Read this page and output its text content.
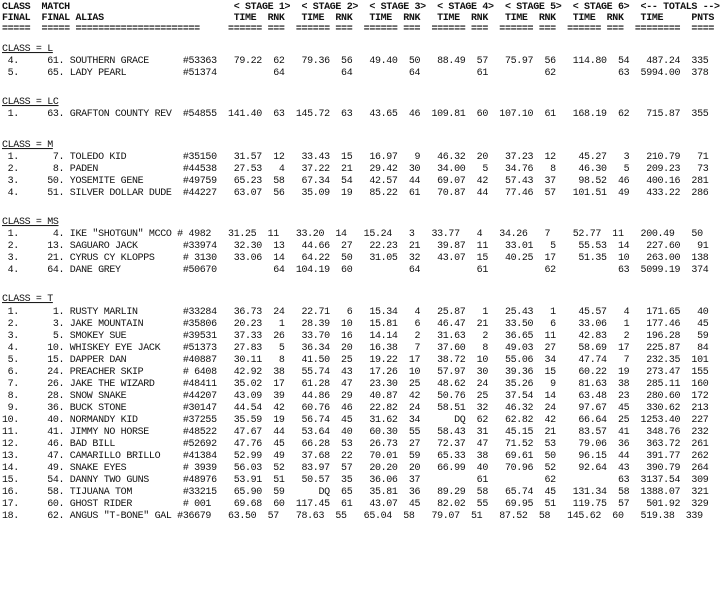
CLASS  MATCH                             < STAGE 1>  < STAGE 2>  < STAGE 3>  < STAGE 4>  < STAGE 5>  < STAGE 6>  <-- TOTALS -->
FINAL  FINAL ALIAS                       TIME  RNK   TIME  RNK   TIME  RNK   TIME  RNK   TIME  RNK   TIME  RNK   TIME     PNTS
=====  ===== ======================     ====== ===  ====== ===  ====== ===  ====== ===  ====== ===  ====== ===  ========  ====
CLASS = L
4.     61. SOUTHERN GRACE      #53363   79.22  62   79.36  56   49.40  50   88.49  57   75.97  56   114.80  54   487.24  335
5.     65. LADY PEARL          #51374          64          64          64          61          62           63  5994.00  378
CLASS = LC
1.     63. GRAFTON COUNTY REV  #54855  141.40  63  145.72  63   43.65  46  109.81  60  107.10  61   168.19  62   715.87  355
CLASS = M
1.      7. TOLEDO KID          #35150   31.57  12   33.43  15   16.97   9   46.32  20   37.23  12    45.27   3   210.79   71
2.      8. PADEN               #44538   27.53   4   37.22  21   29.42  30   34.00   5   34.76   8    46.30   5   209.23   73
3.     50. YOSEMITE GENE       #49759   65.23  58   67.34  54   42.57  44   69.07  42   57.43  37    98.52  46   400.16  281
4.     51. SILVER DOLLAR DUDE  #44227   63.07  56   35.09  19   85.22  61   70.87  44   77.46  57   101.51  49   433.22  286
CLASS = MS
1.      4. IKE "SHOTGUN" MCCO # 4982   31.25  11   33.20  14   15.24   3   33.77   4   34.26   7    52.77  11   200.49   50
2.     13. SAGUARO JACK        #33974   32.30  13   44.66  27   22.23  21   39.87  11   33.01   5    55.53  14   227.60   91
3.     21. CYRUS CY KLOPPS     # 3130   33.06  14   64.22  50   31.05  32   43.07  15   40.25  17    51.35  10   263.00  138
4.     64. DANE GREY           #50670          64  104.19  60          64          61          62           63  5099.19  374
CLASS = T
1.      1. RUSTY MARLIN        #33284   36.73  24   22.71   6   15.34   4   25.87   1   25.43   1    45.57   4   171.65   40
2.      3. JAKE MOUNTAIN       #35806   20.23   1   28.39  10   15.81   6   46.47  21   33.50   6    33.06   1   177.46   45
3.      5. SMOKEY SUE          #39531   37.33  26   33.70  16   14.14   2   31.63   2   36.65  11    42.83   2   196.28   59
4.     10. WHISKEY EYE JACK    #51373   27.83   5   36.34  20   16.38   7   37.60   8   49.03  27    58.69  17   225.87   84
5.     15. DAPPER DAN          #40887   30.11   8   41.50  25   19.22  17   38.72  10   55.06  34    47.74   7   232.35  101
6.     24. PREACHER SKIP       # 6408   42.92  38   55.74  43   17.26  10   57.97  30   39.36  15    60.22  19   273.47  155
7.     26. JAKE THE WIZARD     #48411   35.02  17   61.28  47   23.30  25   48.62  24   35.26   9    81.63  38   285.11  160
8.     28. SNOW SNAKE          #44207   43.09  39   44.86  29   40.87  42   50.76  25   37.54  14    63.48  23   280.60  172
9.     36. BUCK STONE          #30147   44.54  42   60.76  46   22.82  24   58.51  32   46.32  24    97.67  45   330.62  213
10.     40. NORMANDY KID        #37255   35.59  19   56.74  45   31.62  34      DQ  62   62.82  42    66.64  25  1253.40  227
11.     41. JIMMY NO HORSE      #48522   47.67  44   53.64  40   60.30  55   58.43  31   45.15  21    83.57  41   348.76  232
12.     46. BAD BILL            #52692   47.76  45   66.28  53   26.73  27   72.37  47   71.52  53    79.06  36   363.72  261
13.     47. CAMARILLO BRILLO    #41384   52.99  49   37.68  22   70.01  59   65.33  38   69.61  50    96.15  44   391.77  262
14.     49. SNAKE EYES          # 3939   56.03  52   83.97  57   20.20  20   66.99  40   70.96  52    92.64  43   390.79  264
15.     54. DANNY TWO GUNS      #48976   53.91  51   50.57  35   36.06  37          61          62           63  3137.54  309
16.     58. TIJUANA TOM         #33215   65.90  59      DQ  65   35.81  36   89.29  58   65.74  45   131.34  58  1388.07  321
17.     60. GHOST RIDER         # 001    69.68  60  117.45  61   43.07  45   82.02  55   69.95  51   119.75  57   501.92  329
18.     62. ANGUS "T-BONE" GAL #36679   63.50  57   78.63  55   65.04  58   79.07  51   87.52  58   145.62  60   519.38  339
